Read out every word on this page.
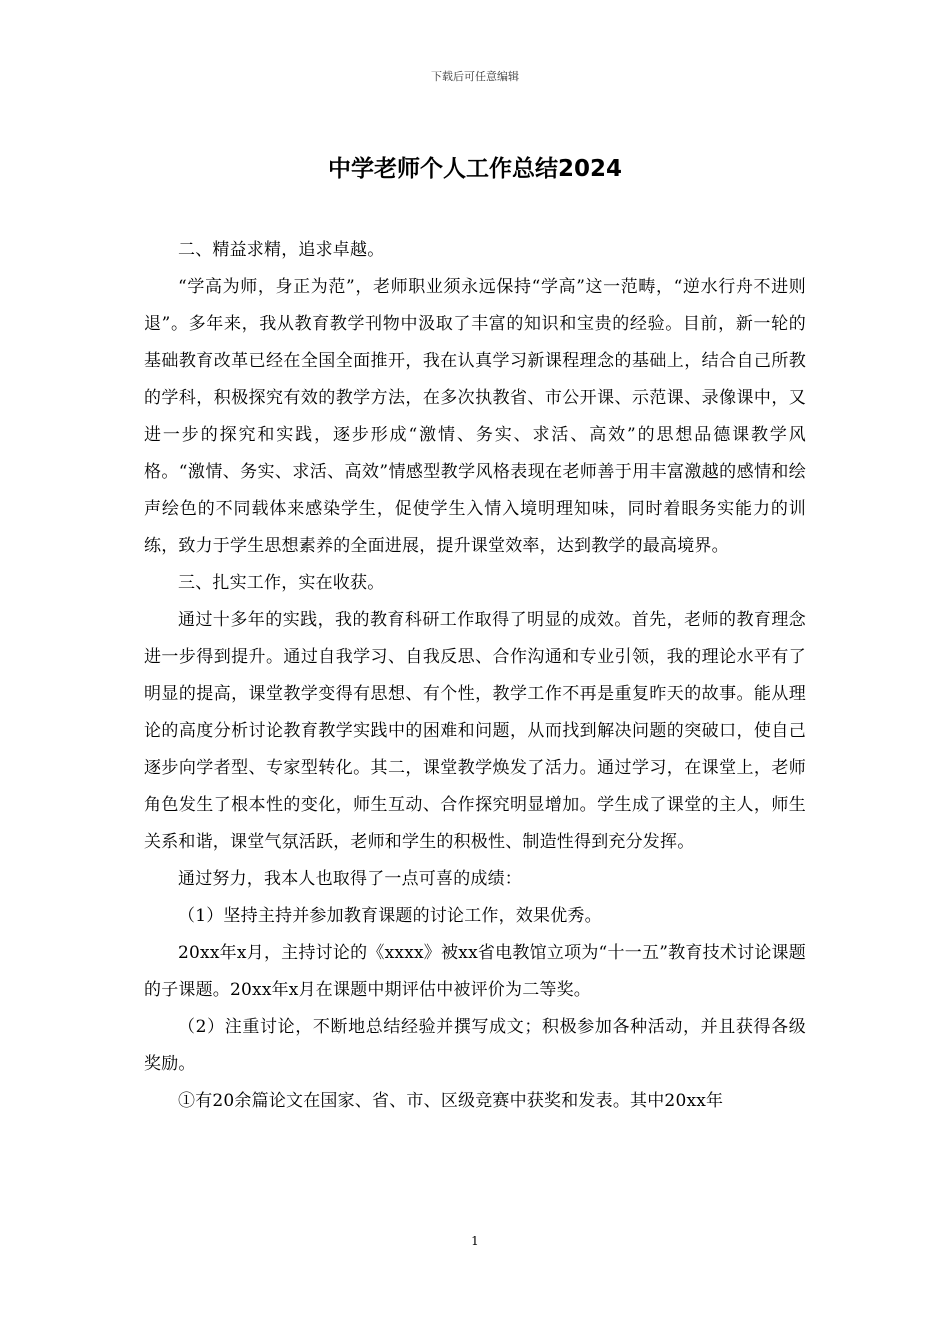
下载后可任意编辑
中学老师个人工作总结2024

二、精益求精，追求卓越。

“学高为师，身正为范”，老师职业须永远保持“学高”这一范畴，“逆水行舟不进则退”。多年来，我从教育教学刊物中汲取了丰富的知识和宝贵的经验。目前，新一轮的基础教育改革已经在全国全面推开，我在认真学习新课程理念的基础上，结合自己所教的学科，积极探究有效的教学方法，在多次执教省、市公开课、示范课、录像课中，又进一步的探究和实践，逐步形成“激情、务实、求活、高效”的思想品德课教学风格。“激情、务实、求活、高效”情感型教学风格表现在老师善于用丰富激越的感情和绘声绘色的不同载体来感染学生，促使学生入情入境明理知味，同时着眼务实能力的训练，致力于学生思想素养的全面进展，提升课堂效率，达到教学的最高境界。

三、扎实工作，实在收获。

通过十多年的实践，我的教育科研工作取得了明显的成效。首先，老师的教育理念进一步得到提升。通过自我学习、自我反思、合作沟通和专业引领，我的理论水平有了明显的提高，课堂教学变得有思想、有个性，教学工作不再是重复昨天的故事。能从理论的高度分析讨论教育教学实践中的困难和问题，从而找到解决问题的突破口，使自己逐步向学者型、专家型转化。其二，课堂教学焕发了活力。通过学习，在课堂上，老师角色发生了根本性的变化，师生互动、合作探究明显增加。学生成了课堂的主人，师生关系和谐，课堂气氛活跃，老师和学生的积极性、制造性得到充分发挥。

通过努力，我本人也取得了一点可喜的成绩：

（1）坚持主持并参加教育课题的讨论工作，效果优秀。

20xx年x月，主持讨论的《xxxx》被xx省电教馆立项为“十一五”教育技术讨论课题的子课题。20xx年x月在课题中期评估中被评价为二等奖。

（2）注重讨论，不断地总结经验并撰写成文；积极参加各种活动，并且获得各级奖励。

①有20余篇论文在国家、省、市、区级竞赛中获奖和发表。其中20xx年

1
